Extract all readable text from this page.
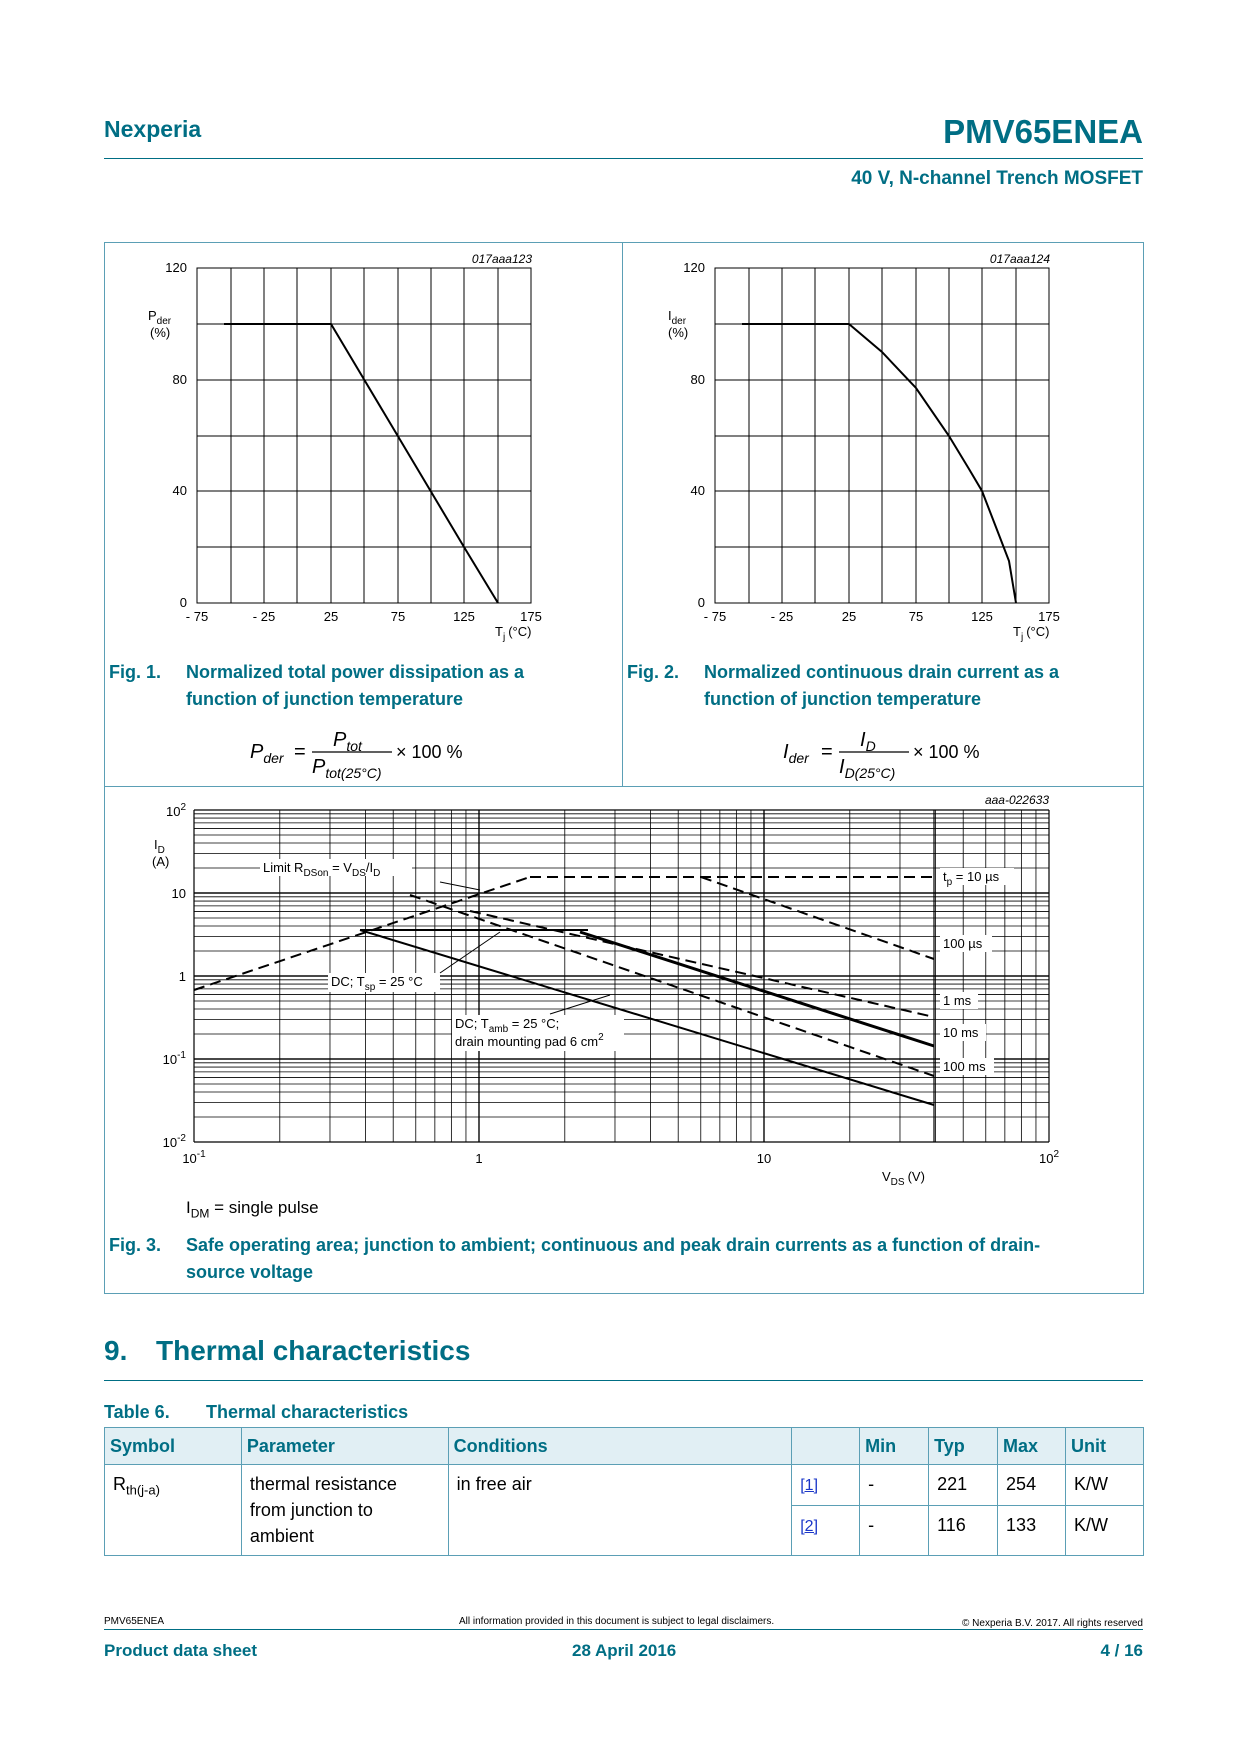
Nexperia	PMV65ENEA
40 V, N-channel Trench MOSFET
017aaa123
120
80
40
0
- 75	- 25	25	75	125	175
$P_{der}$
(%)
$T_j$ (°C)
017aaa124
120
80
40
0
- 75	- 25	25	75	125	175
$I_{der}$
(%)
$T_j$ (°C)
Fig. 1. Normalized total power dissipation as a
function of junction temperature
$P_{der}$ =
$P_{tot}$
$P_{tot(25^\circ C)}$
× 100 %
Fig. 2. Normalized continuous drain current as a
function of junction temperature
$I_{der}$ =
$I_D$
$I_{D(25^\circ C)}$
× 100 %
aaa-022633
$10^2$
10
1
$10^{-1}$
$10^{-2}$
$10^{-1}$	1	10	$10^2$
$I_D$
(A)
$V_{DS}$ (V)
Limit $R_{DSon} = V_{DS}/I_D$	$t_p = 10$ µs
100 µs
1 ms
10 ms
100 ms
DC; $T_{sp} = 25$ °C
DC; $T_{amb} = 25$ °C;
drain mounting pad 6 $cm^2$
$I_{DM}$ = single pulse
Fig. 3. Safe operating area; junction to ambient; continuous and peak drain currents as a function of drain-
source voltage
9. Thermal characteristics
Table 6. Thermal characteristics
Symbol	Parameter	Conditions		Min	Typ	Max	Unit
$R_{th(j-a)}$	thermal resistance
from junction to
ambient	in free air	[1]	-	221	254	K/W
			[2]	-	116	133	K/W
PMV65ENEA	All information provided in this document is subject to legal disclaimers.	© Nexperia B.V. 2017. All rights reserved
Product data sheet	28 April 2016	4 / 16
